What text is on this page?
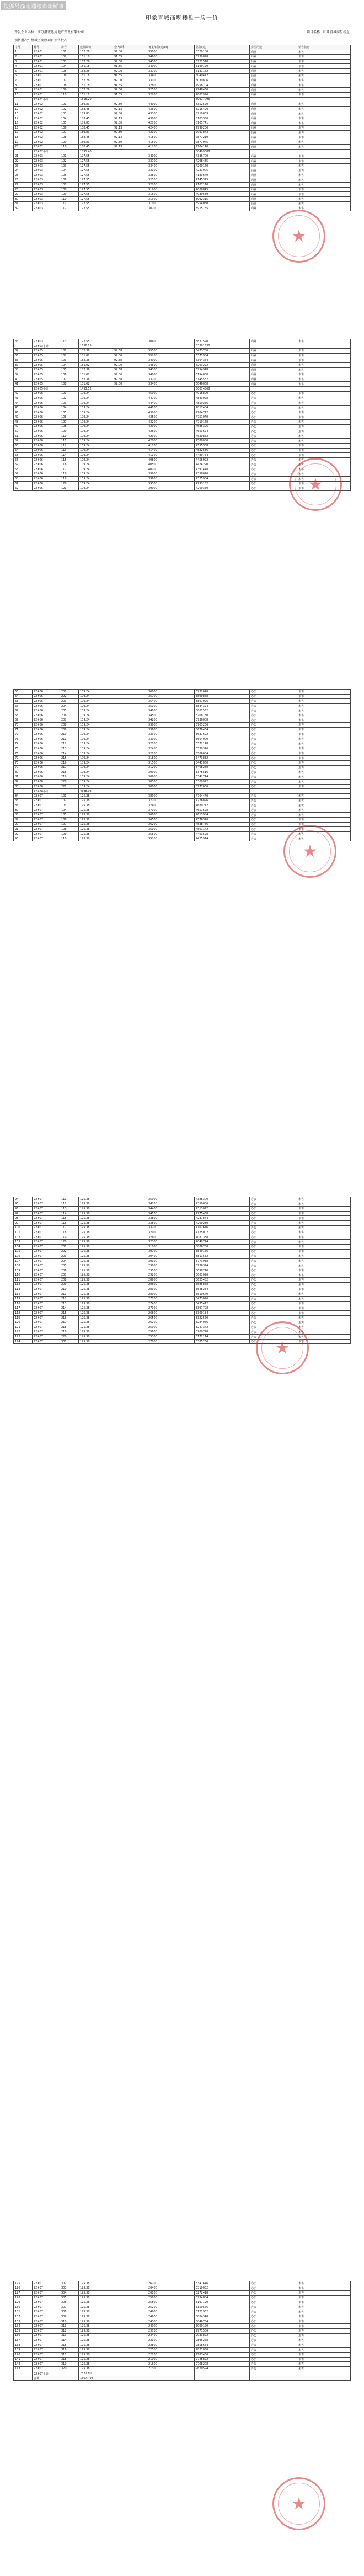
搜狐号@南通楼市新鲜事
印象青城商墅楼盘一房一价
开发企业名称：江苏鑫宏达房地产开发有限公司	项目名称：印象青城商墅楼盘
预售批次：整城区商墅项目预售批次
序号	幢号	房号	建筑面积	套内面积	备案单价(元/㎡)	总价(元)	房屋用途	销售状态
1	22#01	101	152.26	92.00	35000	5329100	商业	未售
2	22#01	102	151.18	91.35	34600	5230828	商业	未售
3	22#01	103	152.26	92.00	34300	5222518	商业	未售
4	22#01	104	151.18	91.35	34000	5140120	商业	未售
5	22#01	105	152.26	92.00	33700	5131162	商业	未售
6	22#01	106	151.18	91.35	33400	5049412	商业	未售
7	22#01	107	152.26	92.00	33100	5039806	商业	未售
8	22#01	108	151.18	91.35	32800	4958704	商业	未售
9	22#01	109	152.26	92.00	32500	4948450	商业	未售
10	22#01	110	151.18	91.35	32200	4867996	商业	未售
	22#01小计		1516.20			50917096		
11	22#02	101	189.83	92.80	44000	8352520	商业	未售
12	22#02	102	188.45	92.13	43600	8216420	商业	未售
13	22#02	103	189.83	92.80	43300	8219639	商业	未售
14	22#02	104	188.45	92.13	43000	8103350	商业	未售
15	22#02	105	189.83	92.80	42700	8105741	商业	未售
16	22#02	106	188.45	92.13	42400	7990280	商业	未售
17	22#02	107	189.83	92.80	42100	7991843	商业	未售
18	22#02	108	188.45	92.13	41800	7877210	商业	未售
19	22#02	109	189.83	92.80	41500	7877945	商业	未售
20	22#02	110	188.45	92.13	41200	7764140	商业	未售
	22#02小计		1891.40			80499088		
21	22#03	101	127.55		34000	4336700	商业	未售
22	22#03	102	127.55		33700	4298435	商业	未售
23	22#03	103	127.55		33400	4260170	商业	未售
24	22#03	104	127.55		33100	4221905	商业	未售
25	22#03	105	127.55		32800	4183640	商业	未售
26	22#03	106	127.55		32500	4145375	商业	未售
27	22#03	107	127.55		32200	4107110	商业	未售
28	22#03	108	127.55		31900	4068845	商业	未售
29	22#03	109	127.55		31600	4030580	商业	未售
30	22#03	110	127.55		31300	3992315	商业	未售
31	22#03	111	127.55		31000	3954050	商业	未售
32	22#03	112	127.55		30700	3915785	商业	未售
★
33	22#03	113	127.55		30400	3877520	商业	未售
	22#03小计		1658.15			53391530		
34	22#05	101	182.36	92.68	35500	6473780	商业	未售
35	22#05	102	181.02	92.00	35200	6371904	商业	未售
36	22#05	103	182.36	92.68	34900	6364364	商业	未售
37	22#05	104	181.02	92.00	34600	6263292	商业	未售
38	22#05	105	182.36	92.68	34300	6254948	商业	未售
39	22#05	106	181.02	92.00	34000	6154680	商业	未售
40	22#05	107	182.36	92.68	33700	6145532	商业	未售
41	22#05	108	181.02	92.00	33400	6046068	商业	未售
	22#05小计		1453.52			50074568		
42	22#06	101	109.24		45000	4915800	办公	未售
43	22#06	102	109.24		44700	4883028	办公	未售
44	22#06	103	109.24		44400	4850256	办公	未售
45	22#06	104	109.24		44100	4817484	办公	未售
46	22#06	105	109.24		43800	4784712	办公	未售
47	22#06	106	109.24		43500	4751940	办公	未售
48	22#06	107	109.24		43200	4719168	办公	未售
49	22#06	108	109.24		42900	4686396	办公	未售
50	22#06	109	109.24		42600	4653624	办公	未售
51	22#06	110	109.24		42300	4620852	办公	未售
52	22#06	111	109.24		42000	4588080	办公	未售
53	22#06	112	109.24		41700	4555308	办公	未售
54	22#06	113	109.24		41400	4522536	办公	未售
55	22#06	114	109.24		41100	4489764	办公	未售
56	22#06	115	109.24		40800	4456992	办公	未售
57	22#06	116	109.24		40500	4424220	办公	未售
58	22#06	117	109.24		40200	4391448	办公	未售
59	22#06	118	109.24		39900	4358676	办公	未售
60	22#06	119	109.24		39600	4325904	办公	未售
61	22#06	120	109.24		39300	4293132	办公	未售
62	22#06	121	109.24		39000	4260360	办公	未售 ★
63	22#06	201	109.24		36000	3932640	办公	未售
64	22#06	202	109.24		35700	3899868	办公	未售
65	22#06	203	109.24		35400	3867096	办公	未售
66	22#06	204	109.24		35100	3834324	办公	未售
67	22#06	205	109.24		34800	3801552	办公	未售
68	22#06	206	109.24		34500	3768780	办公	未售
69	22#06	207	109.24		34200	3736008	办公	未售
70	22#06	208	109.24		33900	3703236	办公	未售
71	22#06	209	109.24		33600	3670464	办公	未售
72	22#06	210	109.24		33300	3637692	办公	未售
73	22#06	211	109.24		33000	3604920	办公	未售
74	22#06	212	109.24		32700	3572148	办公	未售
75	22#06	213	109.24		32400	3539376	办公	未售
76	22#06	214	109.24		32100	3506604	办公	未售
77	22#06	215	109.24		31800	3473832	办公	未售
78	22#06	216	109.24		31500	3441060	办公	未售
79	22#06	217	109.24		31200	3408288	办公	未售
80	22#06	218	109.24		30900	3375516	办公	未售
81	22#06	219	109.24		30600	3342744	办公	未售
82	22#06	220	109.24		30300	3309972	办公	未售
83	22#06	221	109.24		30000	3277080	办公	未售
	22#06小计		4588.08					
84	22#07	101	125.38		38000	4764440	办公	未售
85	22#07	102	125.38		37700	4726826	办公	未售
86	22#07	103	125.38		37400	4689212	办公	未售
87	22#07	104	125.38		37100	4651598	办公	未售
88	22#07	105	125.38		36800	4613984	办公	未售
89	22#07	106	125.38		36500	4576370	办公	未售
90	22#07	107	125.38		36200	4538756	办公	未售
91	22#07	108	125.38		35900	4501142	办公	未售
92	22#07	109	125.38		35600	4463528	办公	未售
93	22#07	110	125.38		35300	4425914	办公	未售
★
94	22#07	111	125.38		35000	4388300	办公	未售
95	22#07	112	125.38		34700	4350686	办公	未售
96	22#07	113	125.38		34400	4313072	办公	未售
97	22#07	114	125.38		34100	4275458	办公	未售
98	22#07	115	125.38		33800	4237844	办公	未售
99	22#07	116	125.38		33500	4200230	办公	未售
100	22#07	117	125.38		33200	4162616	办公	未售
101	22#07	118	125.38		32900	4125002	办公	未售
102	22#07	119	125.38		32600	4087388	办公	未售
103	22#07	120	125.38		32300	4049774	办公	未售
104	22#07	201	125.38		31000	3886780	办公	未售
105	22#07	202	125.38		30700	3849166	办公	未售
106	22#07	203	125.38		30400	3811552	办公	未售
107	22#07	204	125.38		30100	3773938	办公	未售
108	22#07	205	125.38		29800	3736324	办公	未售
109	22#07	206	125.38		29500	3698710	办公	未售
110	22#07	207	125.38		29200	3661096	办公	未售
111	22#07	208	125.38		28900	3623482	办公	未售
112	22#07	209	125.38		28600	3585868	办公	未售
113	22#07	210	125.38		28300	3548254	办公	未售
114	22#07	211	125.38		28000	3510640	办公	未售
115	22#07	212	125.38		27700	3473026	办公	未售
116	22#07	213	125.38		27400	3435412	办公	未售
117	22#07	214	125.38		27100	3397798	办公	未售
118	22#07	215	125.38		26800	3360184	办公	未售
119	22#07	216	125.38		26500	3322570	办公	未售
120	22#07	217	125.38		26200	3284956	办公	未售
121	22#07	218	125.38		25900	3247342	办公	未售
122	22#07	219	125.38		25600	3209728	办公	未售
123	22#07	220	125.38		25300	3172114	办公	未售
124	22#07	301	125.38		27000	3385260	办公	未售
★
125	22#07	302	125.38		26700	3347646	办公	未售
126	22#07	303	125.38		26400	3310032	办公	未售
127	22#07	304	125.38		26100	3272418	办公	未售
128	22#07	305	125.38		25800	3234804	办公	未售
129	22#07	306	125.38		25500	3197190	办公	未售
130	22#07	307	125.38		25200	3159576	办公	未售
131	22#07	308	125.38		24900	3121962	办公	未售
132	22#07	309	125.38		24600	3084348	办公	未售
133	22#07	310	125.38		24300	3046734	办公	未售
134	22#07	311	125.38		24000	3009120	办公	未售
135	22#07	312	125.38		23700	2971506	办公	未售
136	22#07	313	125.38		23400	2933892	办公	未售
137	22#07	314	125.38		23100	2896278	办公	未售
138	22#07	315	125.38		22800	2858664	办公	未售
139	22#07	316	125.38		22500	2821050	办公	未售
140	22#07	317	125.38		22200	2783436	办公	未售
141	22#07	318	125.38		21900	2745822	办公	未售
142	22#07	319	125.38		21600	2708208	办公	未售
143	22#07	320	125.38		21300	2670594	办公	未售
	22#07小计		7522.80					
	合计		16077.98					
★
